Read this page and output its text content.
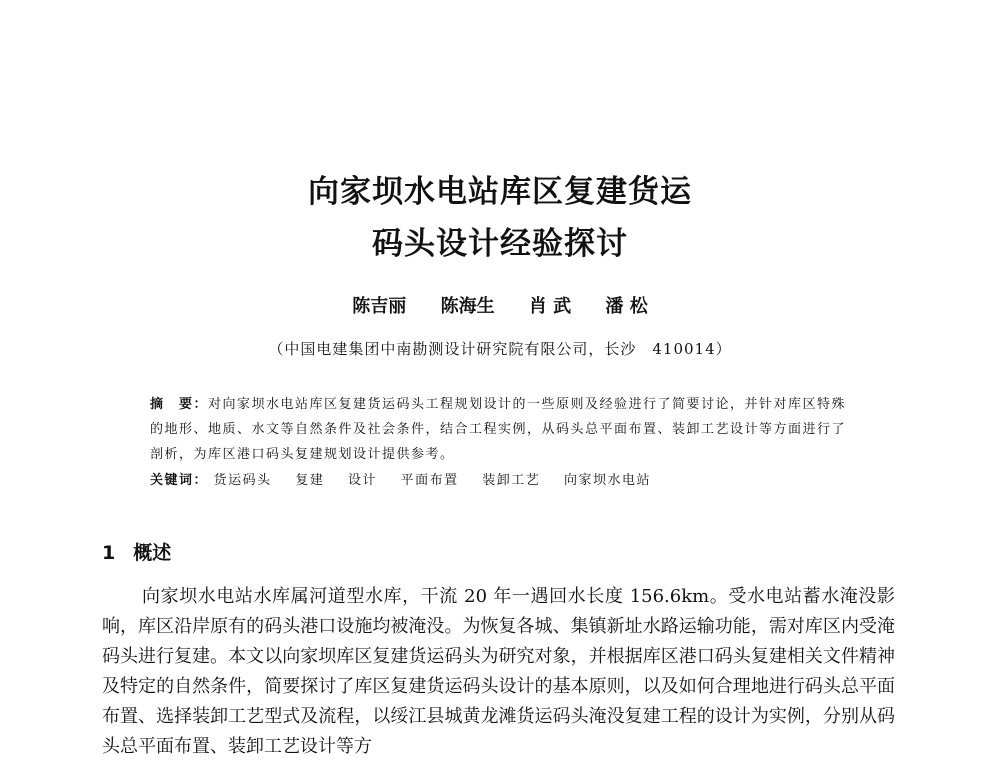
向家坝水电站库区复建货运
码头设计经验探讨
陈吉丽 陈海生 肖 武 潘 松
（中国电建集团中南勘测设计研究院有限公司，长沙　410014）
摘　要：对向家坝水电站库区复建货运码头工程规划设计的一些原则及经验进行了简要讨论，并针对库区特殊的地形、地质、水文等自然条件及社会条件，结合工程实例，从码头总平面布置、装卸工艺设计等方面进行了剖析，为库区港口码头复建规划设计提供参考。
关键词： 货运码头 复建 设计 平面布置 装卸工艺 向家坝水电站
1 概述
向家坝水电站水库属河道型水库，干流 20 年一遇回水长度 156.6km。受水电站蓄水淹没影响，库区沿岸原有的码头港口设施均被淹没。为恢复各城、集镇新址水路运输功能，需对库区内受淹码头进行复建。本文以向家坝库区复建货运码头为研究对象，并根据库区港口码头复建相关文件精神及特定的自然条件，简要探讨了库区复建货运码头设计的基本原则，以及如何合理地进行码头总平面布置、选择装卸工艺型式及流程，以绥江县城黄龙滩货运码头淹没复建工程的设计为实例，分别从码头总平面布置、装卸工艺设计等方
